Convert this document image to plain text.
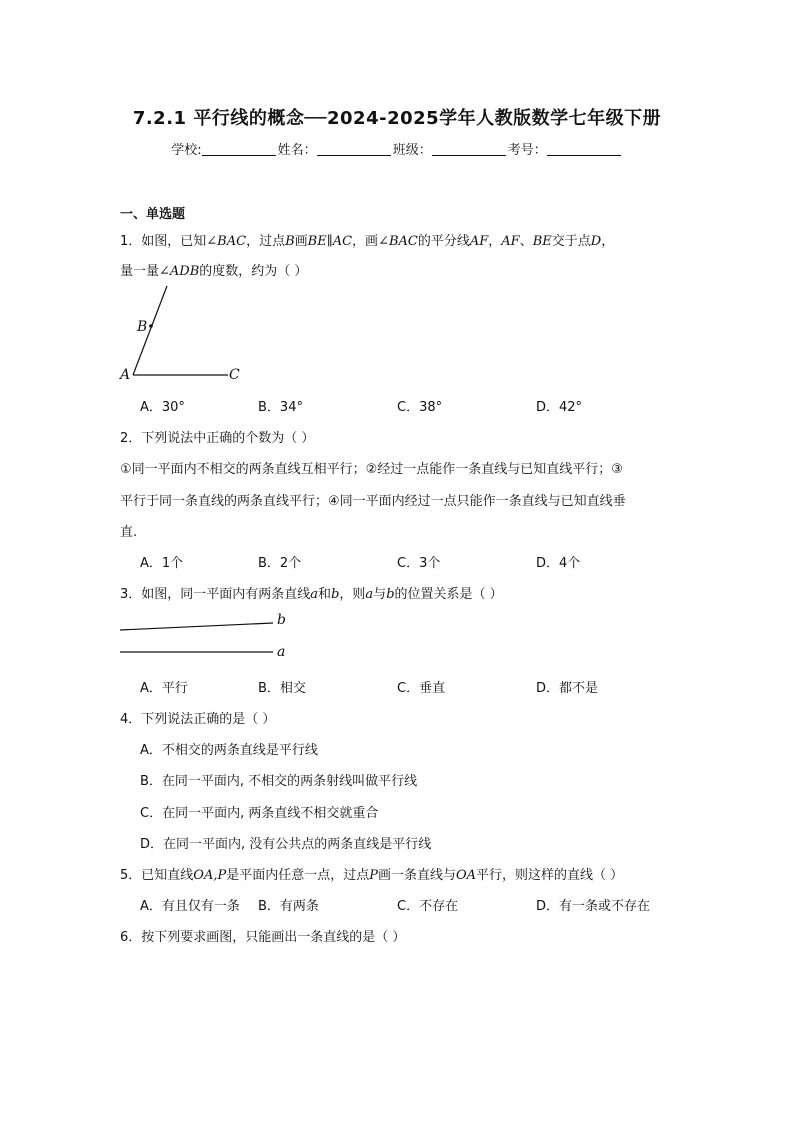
7.2.1 平行线的概念──2024-2025学年人教版数学七年级下册
学校:	姓名：	班级：	考号：
一、单选题
1．如图，已知∠BAC，过点B画BE∥AC，画∠BAC的平分线AF，AF、BE交于点D，
量一量∠ADB的度数，约为（ ）
A
B
C
A．30°	B．34°	C．38°	D．42°
2．下列说法中正确的个数为（ ）
①同一平面内不相交的两条直线互相平行；②经过一点能作一条直线与已知直线平行；③
平行于同一条直线的两条直线平行；④同一平面内经过一点只能作一条直线与已知直线垂
直.
A．1个	B．2个	C．3个	D．4个
3．如图，同一平面内有两条直线a和b，则a与b的位置关系是（ ）
b
a
A．平行	B．相交	C．垂直	D．都不是
4．下列说法正确的是（ ）
A．不相交的两条直线是平行线
B．在同一平面内, 不相交的两条射线叫做平行线
C．在同一平面内, 两条直线不相交就重合
D．在同一平面内, 没有公共点的两条直线是平行线
5．已知直线OA,P是平面内任意一点，过点P画一条直线与OA平行，则这样的直线（ ）
A．有且仅有一条 B．有两条	C．不存在	D．有一条或不存在
6．按下列要求画图，只能画出一条直线的是（ ）
